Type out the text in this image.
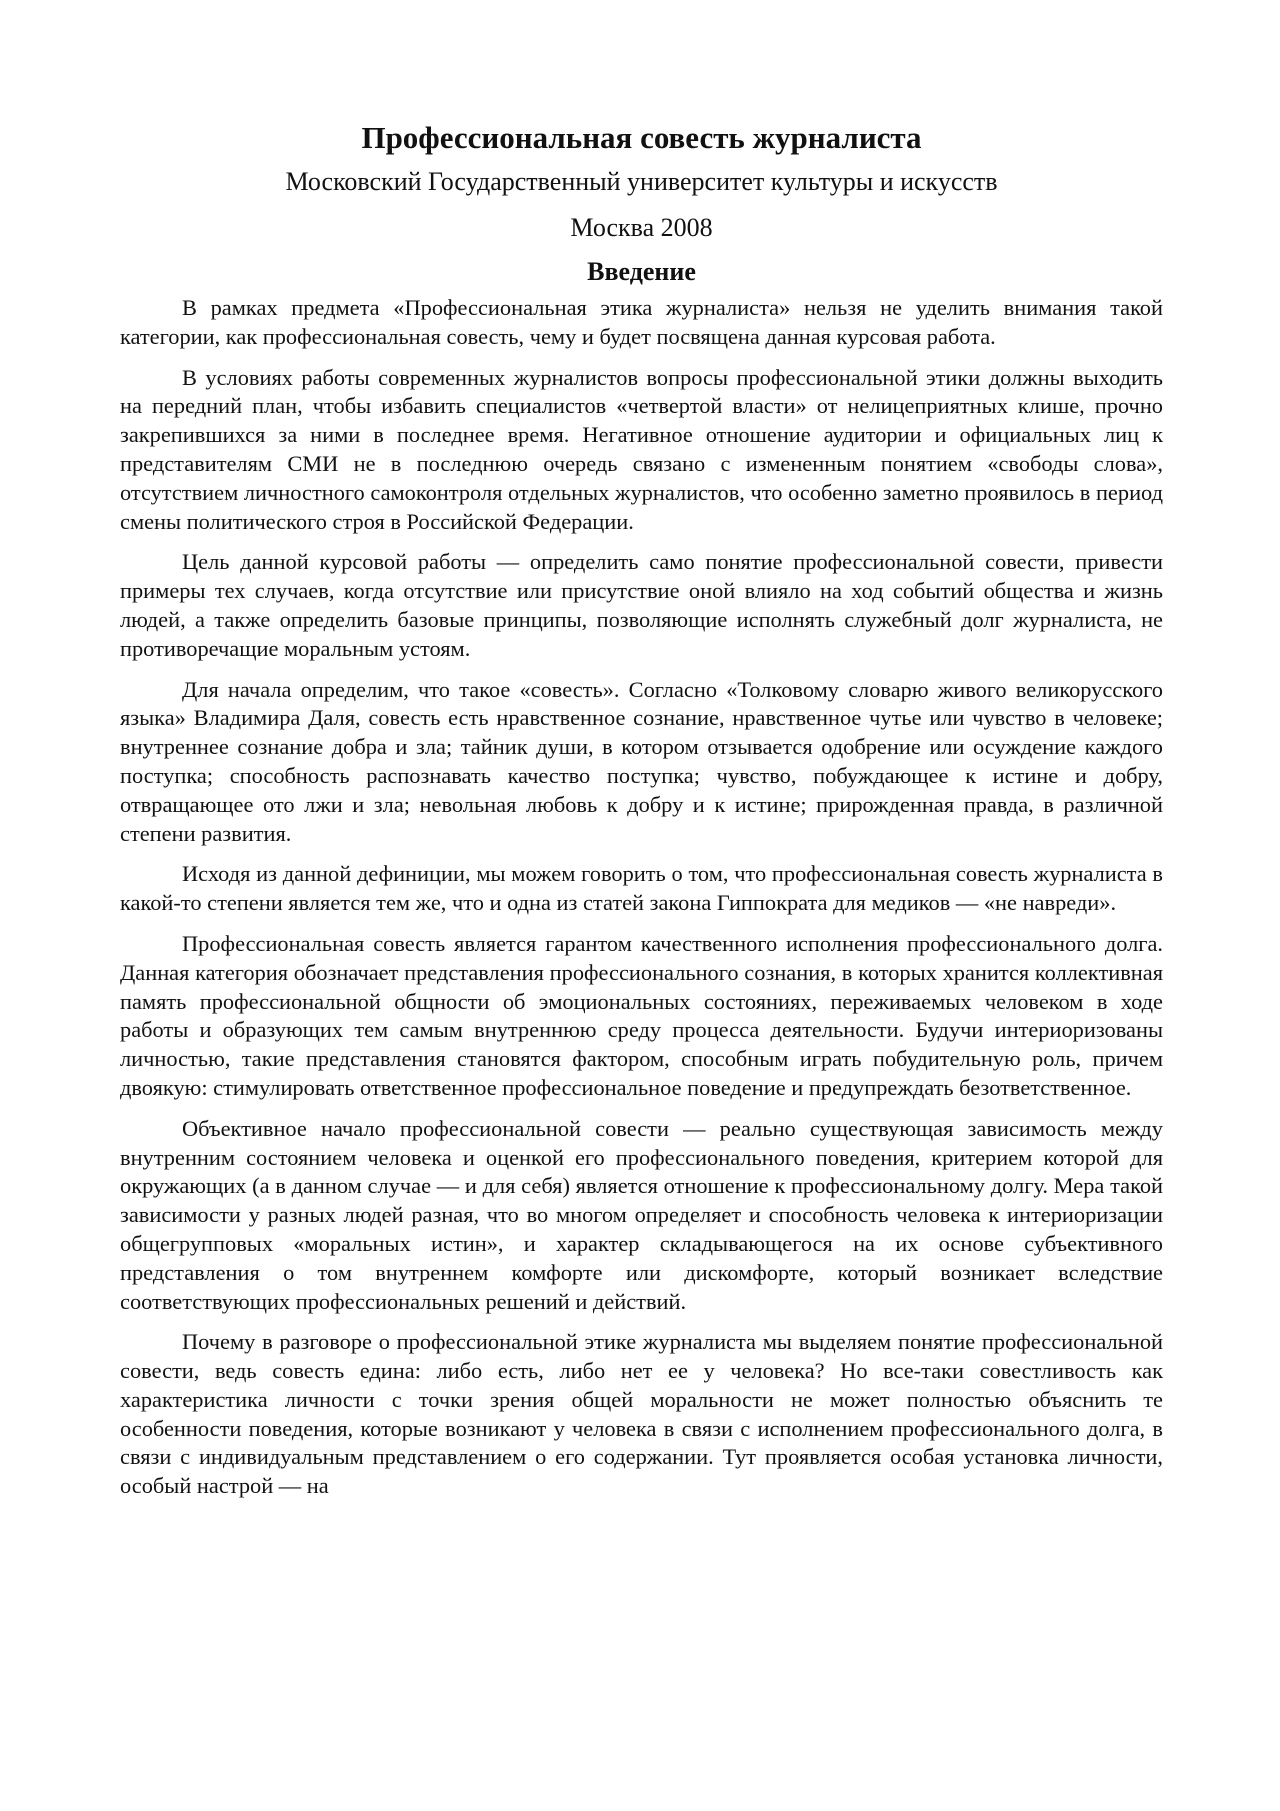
Профессиональная совесть журналиста
Московский Государственный университет культуры и искусств
Москва 2008
Введение

В рамках предмета «Профессиональная этика журналиста» нельзя не уделить внимания такой категории, как профессиональная совесть, чему и будет посвящена данная курсовая работа.

В условиях работы современных журналистов вопросы профессиональной этики должны выходить на передний план, чтобы избавить специалистов «четвертой власти» от нелицеприятных клише, прочно закрепившихся за ними в последнее время. Негативное отношение аудитории и официальных лиц к представителям СМИ не в последнюю очередь связано с измененным понятием «свободы слова», отсутствием личностного самоконтроля отдельных журналистов, что особенно заметно проявилось в период смены политического строя в Российской Федерации.

Цель данной курсовой работы — определить само понятие профессиональной совести, привести примеры тех случаев, когда отсутствие или присутствие оной влияло на ход событий общества и жизнь людей, а также определить базовые принципы, позволяющие исполнять служебный долг журналиста, не противоречащие моральным устоям.

Для начала определим, что такое «совесть». Согласно «Толковому словарю живого великорусского языка» Владимира Даля, совесть есть нравственное сознание, нравственное чутье или чувство в человеке; внутреннее сознание добра и зла; тайник души, в котором отзывается одобрение или осуждение каждого поступка; способность распознавать качество поступка; чувство, побуждающее к истине и добру, отвращающее ото лжи и зла; невольная любовь к добру и к истине; прирожденная правда, в различной степени развития.

Исходя из данной дефиниции, мы можем говорить о том, что профессиональная совесть журналиста в какой-то степени является тем же, что и одна из статей закона Гиппократа для медиков — «не навреди».

Профессиональная совесть является гарантом качественного исполнения профессионального долга. Данная категория обозначает представления профессионального сознания, в которых хранится коллективная память профессиональной общности об эмоциональных состояниях, переживаемых человеком в ходе работы и образующих тем самым внутреннюю среду процесса деятельности. Будучи интериоризованы личностью, такие представления становятся фактором, способным играть побудительную роль, причем двоякую: стимулировать ответственное профессиональное поведение и предупреждать безответственное.

Объективное начало профессиональной совести — реально существующая зависимость между внутренним состоянием человека и оценкой его профессионального поведения, критерием которой для окружающих (а в данном случае — и для себя) является отношение к профессиональному долгу. Мера такой зависимости у разных людей разная, что во многом определяет и способность человека к интериоризации общегрупповых «моральных истин», и характер складывающегося на их основе субъективного представления о том внутреннем комфорте или дискомфорте, который возникает вследствие соответствующих профессиональных решений и действий.

Почему в разговоре о профессиональной этике журналиста мы выделяем понятие профессиональной совести, ведь совесть едина: либо есть, либо нет ее у человека? Но все-таки совестливость как характеристика личности с точки зрения общей моральности не может полностью объяснить те особенности поведения, которые возникают у человека в связи с исполнением профессионального долга, в связи с индивидуальным представлением о его содержании. Тут проявляется особая установка личности, особый настрой — на
